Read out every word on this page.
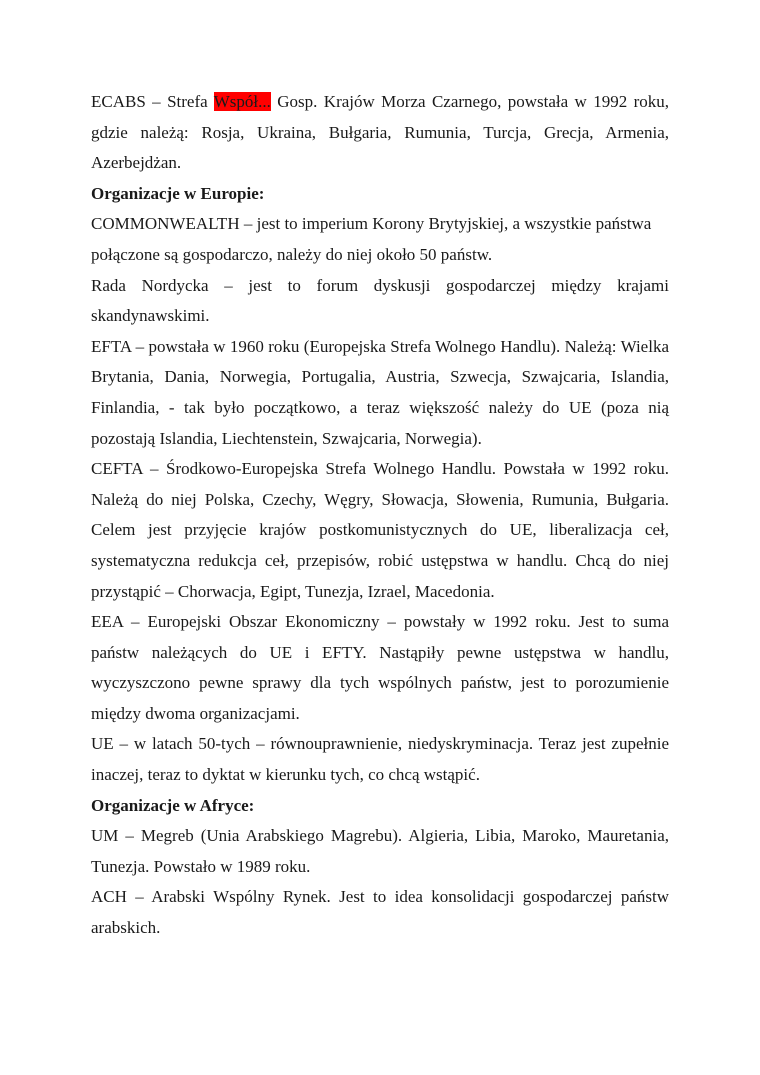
ECABS – Strefa Współ... Gosp. Krajów Morza Czarnego, powstała w 1992 roku, gdzie należą: Rosja, Ukraina, Bułgaria, Rumunia, Turcja, Grecja, Armenia, Azerbejdżan.

Organizacje w Europie:

COMMONWEALTH – jest to imperium Korony Brytyjskiej, a wszystkie państwa połączone są gospodarczo, należy do niej około 50 państw.

Rada Nordycka – jest to forum dyskusji gospodarczej między krajami skandynawskimi.

EFTA – powstała w 1960 roku (Europejska Strefa Wolnego Handlu). Należą: Wielka Brytania, Dania, Norwegia, Portugalia, Austria, Szwecja, Szwajcaria, Islandia, Finlandia, - tak było początkowo, a teraz większość należy do UE (poza nią pozostają Islandia, Liechtenstein, Szwajcaria, Norwegia).

CEFTA – Środkowo-Europejska Strefa Wolnego Handlu. Powstała w 1992 roku. Należą do niej Polska, Czechy, Węgry, Słowacja, Słowenia, Rumunia, Bułgaria. Celem jest przyjęcie krajów postkomunistycznych do UE, liberalizacja ceł, systematyczna redukcja ceł, przepisów, robić ustępstwa w handlu. Chcą do niej przystąpić – Chorwacja, Egipt, Tunezja, Izrael, Macedonia.

EEA – Europejski Obszar Ekonomiczny – powstały w 1992 roku. Jest to suma państw należących do UE i EFTY. Nastąpiły pewne ustępstwa w handlu, wyczyszczono pewne sprawy dla tych wspólnych państw, jest to porozumienie między dwoma organizacjami.

UE – w latach 50-tych – równouprawnienie, niedyskryminacja. Teraz jest zupełnie inaczej, teraz to dyktat w kierunku tych, co chcą wstąpić.

Organizacje w Afryce:

UM – Megreb (Unia Arabskiego Magrebu). Algieria, Libia, Maroko, Mauretania, Tunezja. Powstało w 1989 roku.

ACH – Arabski Wspólny Rynek. Jest to idea konsolidacji gospodarczej państw arabskich.
